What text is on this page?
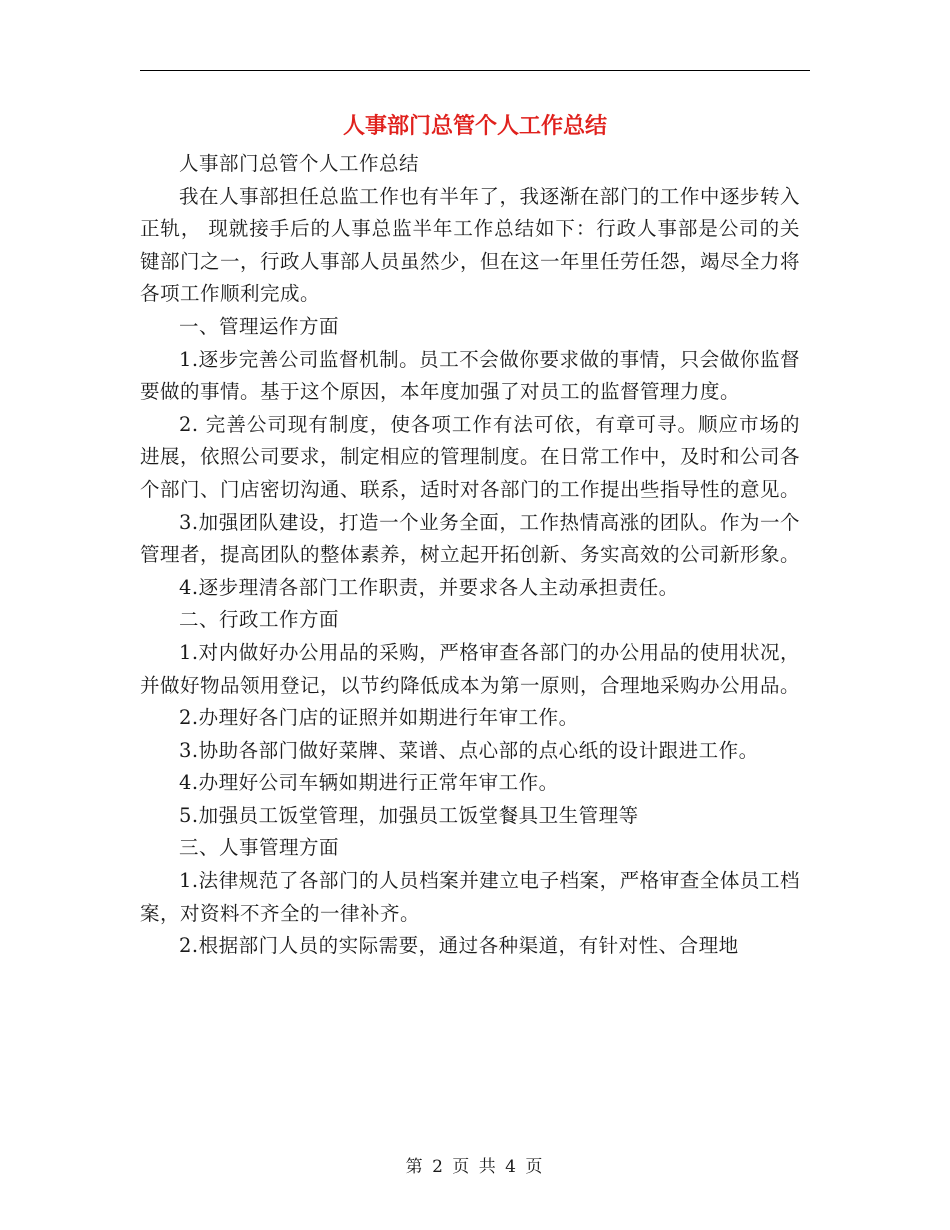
人事部门总管个人工作总结

人事部门总管个人工作总结

我在人事部担任总监工作也有半年了，我逐渐在部门的工作中逐步转入正轨， 现就接手后的人事总监半年工作总结如下：行政人事部是公司的关键部门之一，行政人事部人员虽然少，但在这一年里任劳任怨，竭尽全力将各项工作顺利完成。

一、管理运作方面

1.逐步完善公司监督机制。员工不会做你要求做的事情，只会做你监督要做的事情。基于这个原因，本年度加强了对员工的监督管理力度。

2. 完善公司现有制度，使各项工作有法可依，有章可寻。顺应市场的进展，依照公司要求，制定相应的管理制度。在日常工作中，及时和公司各个部门、门店密切沟通、联系，适时对各部门的工作提出些指导性的意见。

3.加强团队建设，打造一个业务全面，工作热情高涨的团队。作为一个管理者，提高团队的整体素养，树立起开拓创新、务实高效的公司新形象。

4.逐步理清各部门工作职责，并要求各人主动承担责任。

二、行政工作方面

1.对内做好办公用品的采购，严格审查各部门的办公用品的使用状况，并做好物品领用登记，以节约降低成本为第一原则，合理地采购办公用品。

2.办理好各门店的证照并如期进行年审工作。

3.协助各部门做好菜牌、菜谱、点心部的点心纸的设计跟进工作。

4.办理好公司车辆如期进行正常年审工作。

5.加强员工饭堂管理，加强员工饭堂餐具卫生管理等

三、人事管理方面

1.法律规范了各部门的人员档案并建立电子档案，严格审查全体员工档案，对资料不齐全的一律补齐。

2.根据部门人员的实际需要，通过各种渠道，有针对性、合理地

第 2 页 共 4 页
